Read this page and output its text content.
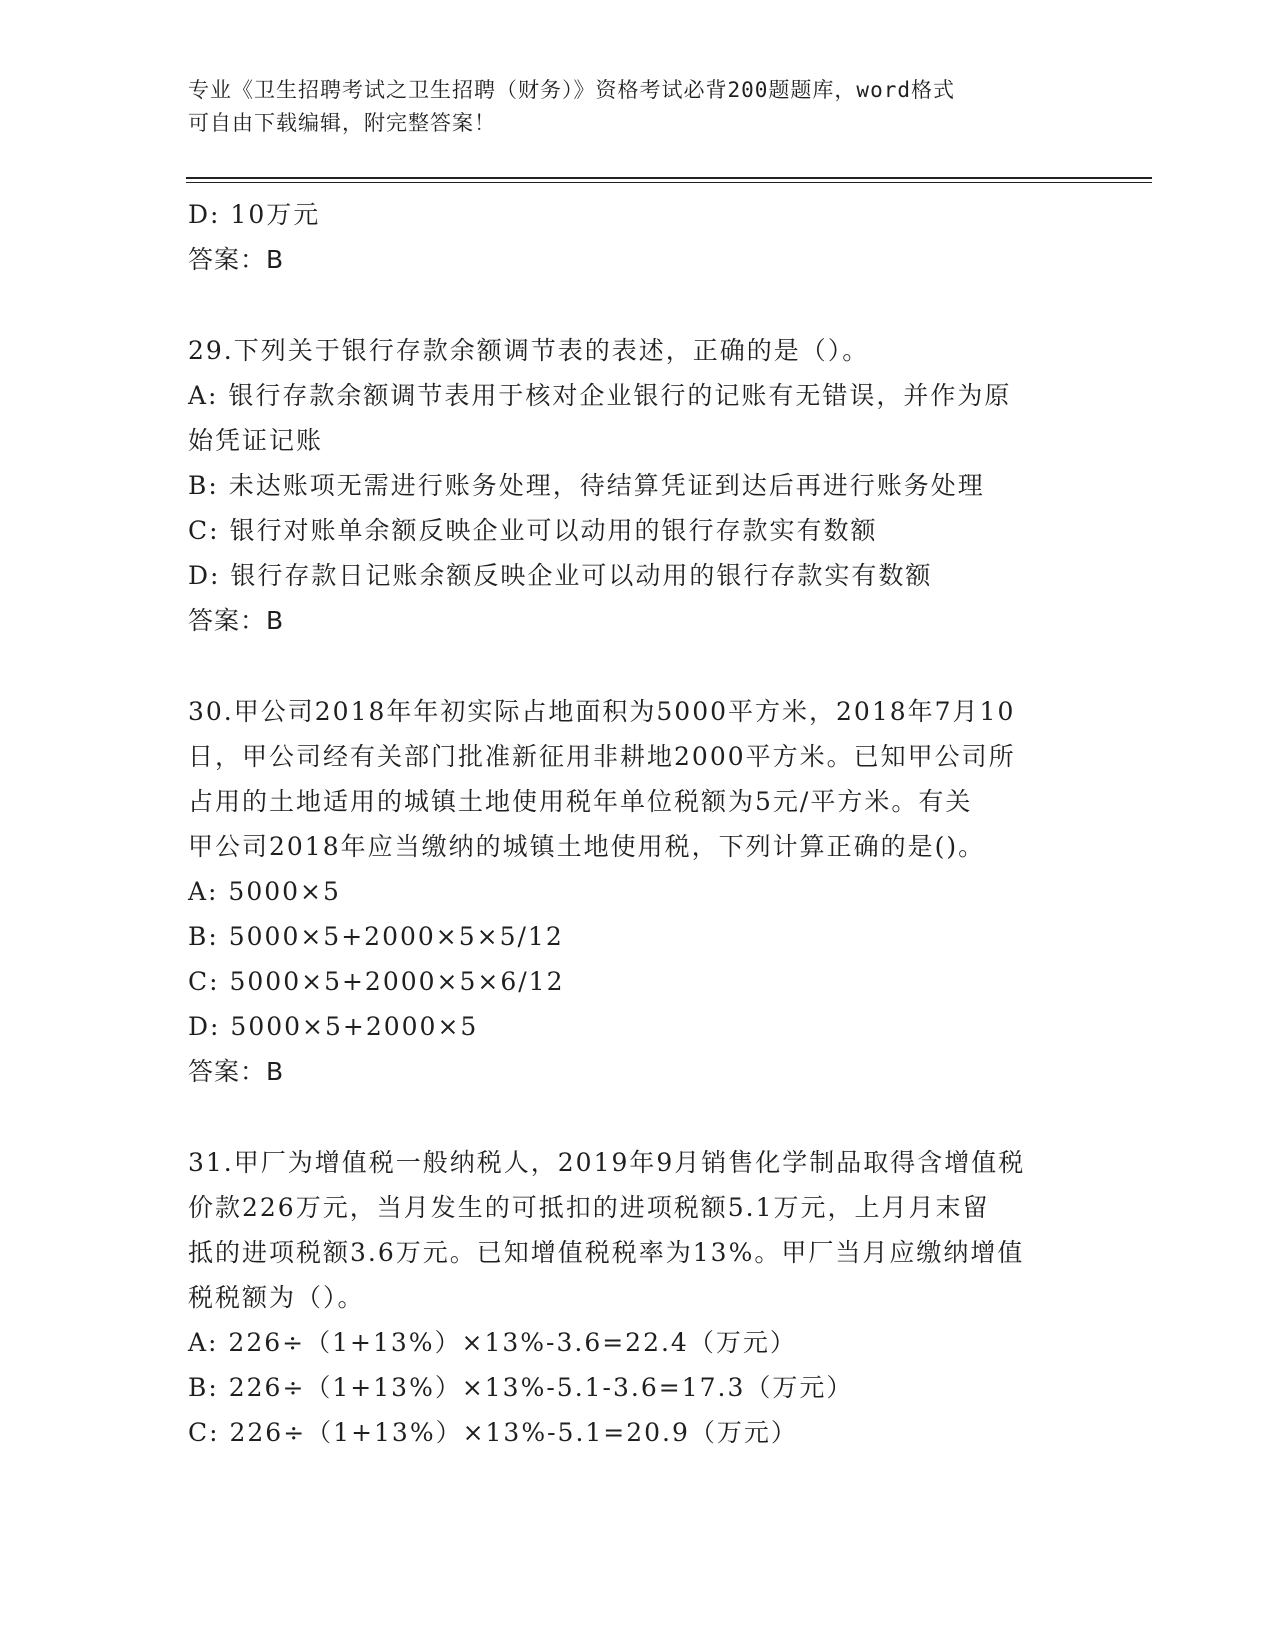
专业《卫生招聘考试之卫生招聘（财务）》资格考试必背200题题库，word格式
可自由下载编辑，附完整答案！
D: 10万元
答案：B
29.下列关于银行存款余额调节表的表述，正确的是（）。
A: 银行存款余额调节表用于核对企业银行的记账有无错误，并作为原
始凭证记账
B: 未达账项无需进行账务处理，待结算凭证到达后再进行账务处理
C: 银行对账单余额反映企业可以动用的银行存款实有数额
D: 银行存款日记账余额反映企业可以动用的银行存款实有数额
答案：B
30.甲公司2018年年初实际占地面积为5000平方米，2018年7月10
日，甲公司经有关部门批准新征用非耕地2000平方米。已知甲公司所
占用的土地适用的城镇土地使用税年单位税额为5元/平方米。有关
甲公司2018年应当缴纳的城镇土地使用税，下列计算正确的是()。
A: 5000×5
B: 5000×5+2000×5×5/12
C: 5000×5+2000×5×6/12
D: 5000×5+2000×5
答案：B
31.甲厂为增值税一般纳税人，2019年9月销售化学制品取得含增值税
价款226万元，当月发生的可抵扣的进项税额5.1万元，上月月末留
抵的进项税额3.6万元。已知增值税税率为13%。甲厂当月应缴纳增值
税税额为（）。
A: 226÷（1+13%）×13%-3.6=22.4（万元）
B: 226÷（1+13%）×13%-5.1-3.6=17.3（万元）
C: 226÷（1+13%）×13%-5.1=20.9（万元）
